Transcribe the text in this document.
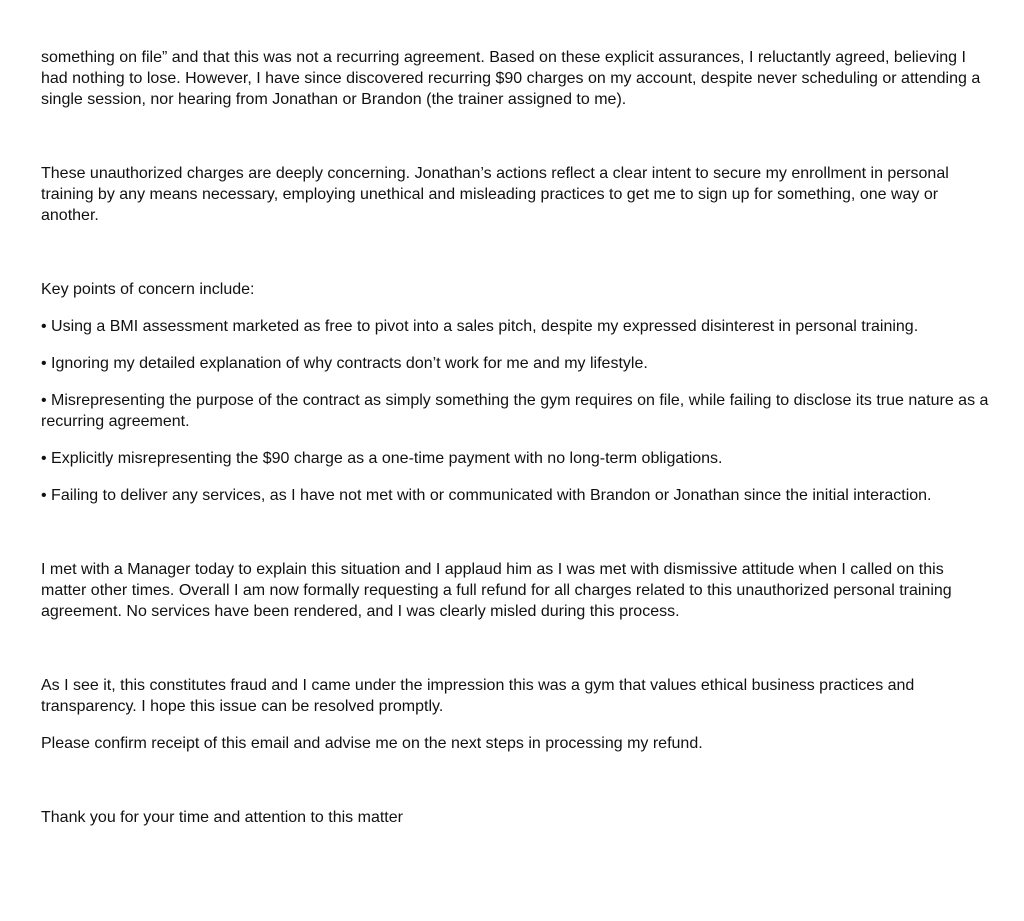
something on file” and that this was not a recurring agreement. Based on these explicit assurances, I reluctantly agreed, believing I had nothing to lose. However, I have since discovered recurring $90 charges on my account, despite never scheduling or attending a single session, nor hearing from Jonathan or Brandon (the trainer assigned to me).

These unauthorized charges are deeply concerning. Jonathan’s actions reflect a clear intent to secure my enrollment in personal training by any means necessary, employing unethical and misleading practices to get me to sign up for something, one way or another.

Key points of concern include:

• Using a BMI assessment marketed as free to pivot into a sales pitch, despite my expressed disinterest in personal training.

• Ignoring my detailed explanation of why contracts don’t work for me and my lifestyle.

• Misrepresenting the purpose of the contract as simply something the gym requires on file, while failing to disclose its true nature as a recurring agreement.

• Explicitly misrepresenting the $90 charge as a one-time payment with no long-term obligations.

• Failing to deliver any services, as I have not met with or communicated with Brandon or Jonathan since the initial interaction.

I met with a Manager today to explain this situation and I applaud him as I was met with dismissive attitude when I called on this matter other times. Overall I am now formally requesting a full refund for all charges related to this unauthorized personal training agreement. No services have been rendered, and I was clearly misled during this process.

As I see it, this constitutes fraud and I came under the impression this was a gym that values ethical business practices and transparency. I hope this issue can be resolved promptly.

Please confirm receipt of this email and advise me on the next steps in processing my refund.

Thank you for your time and attention to this matter
